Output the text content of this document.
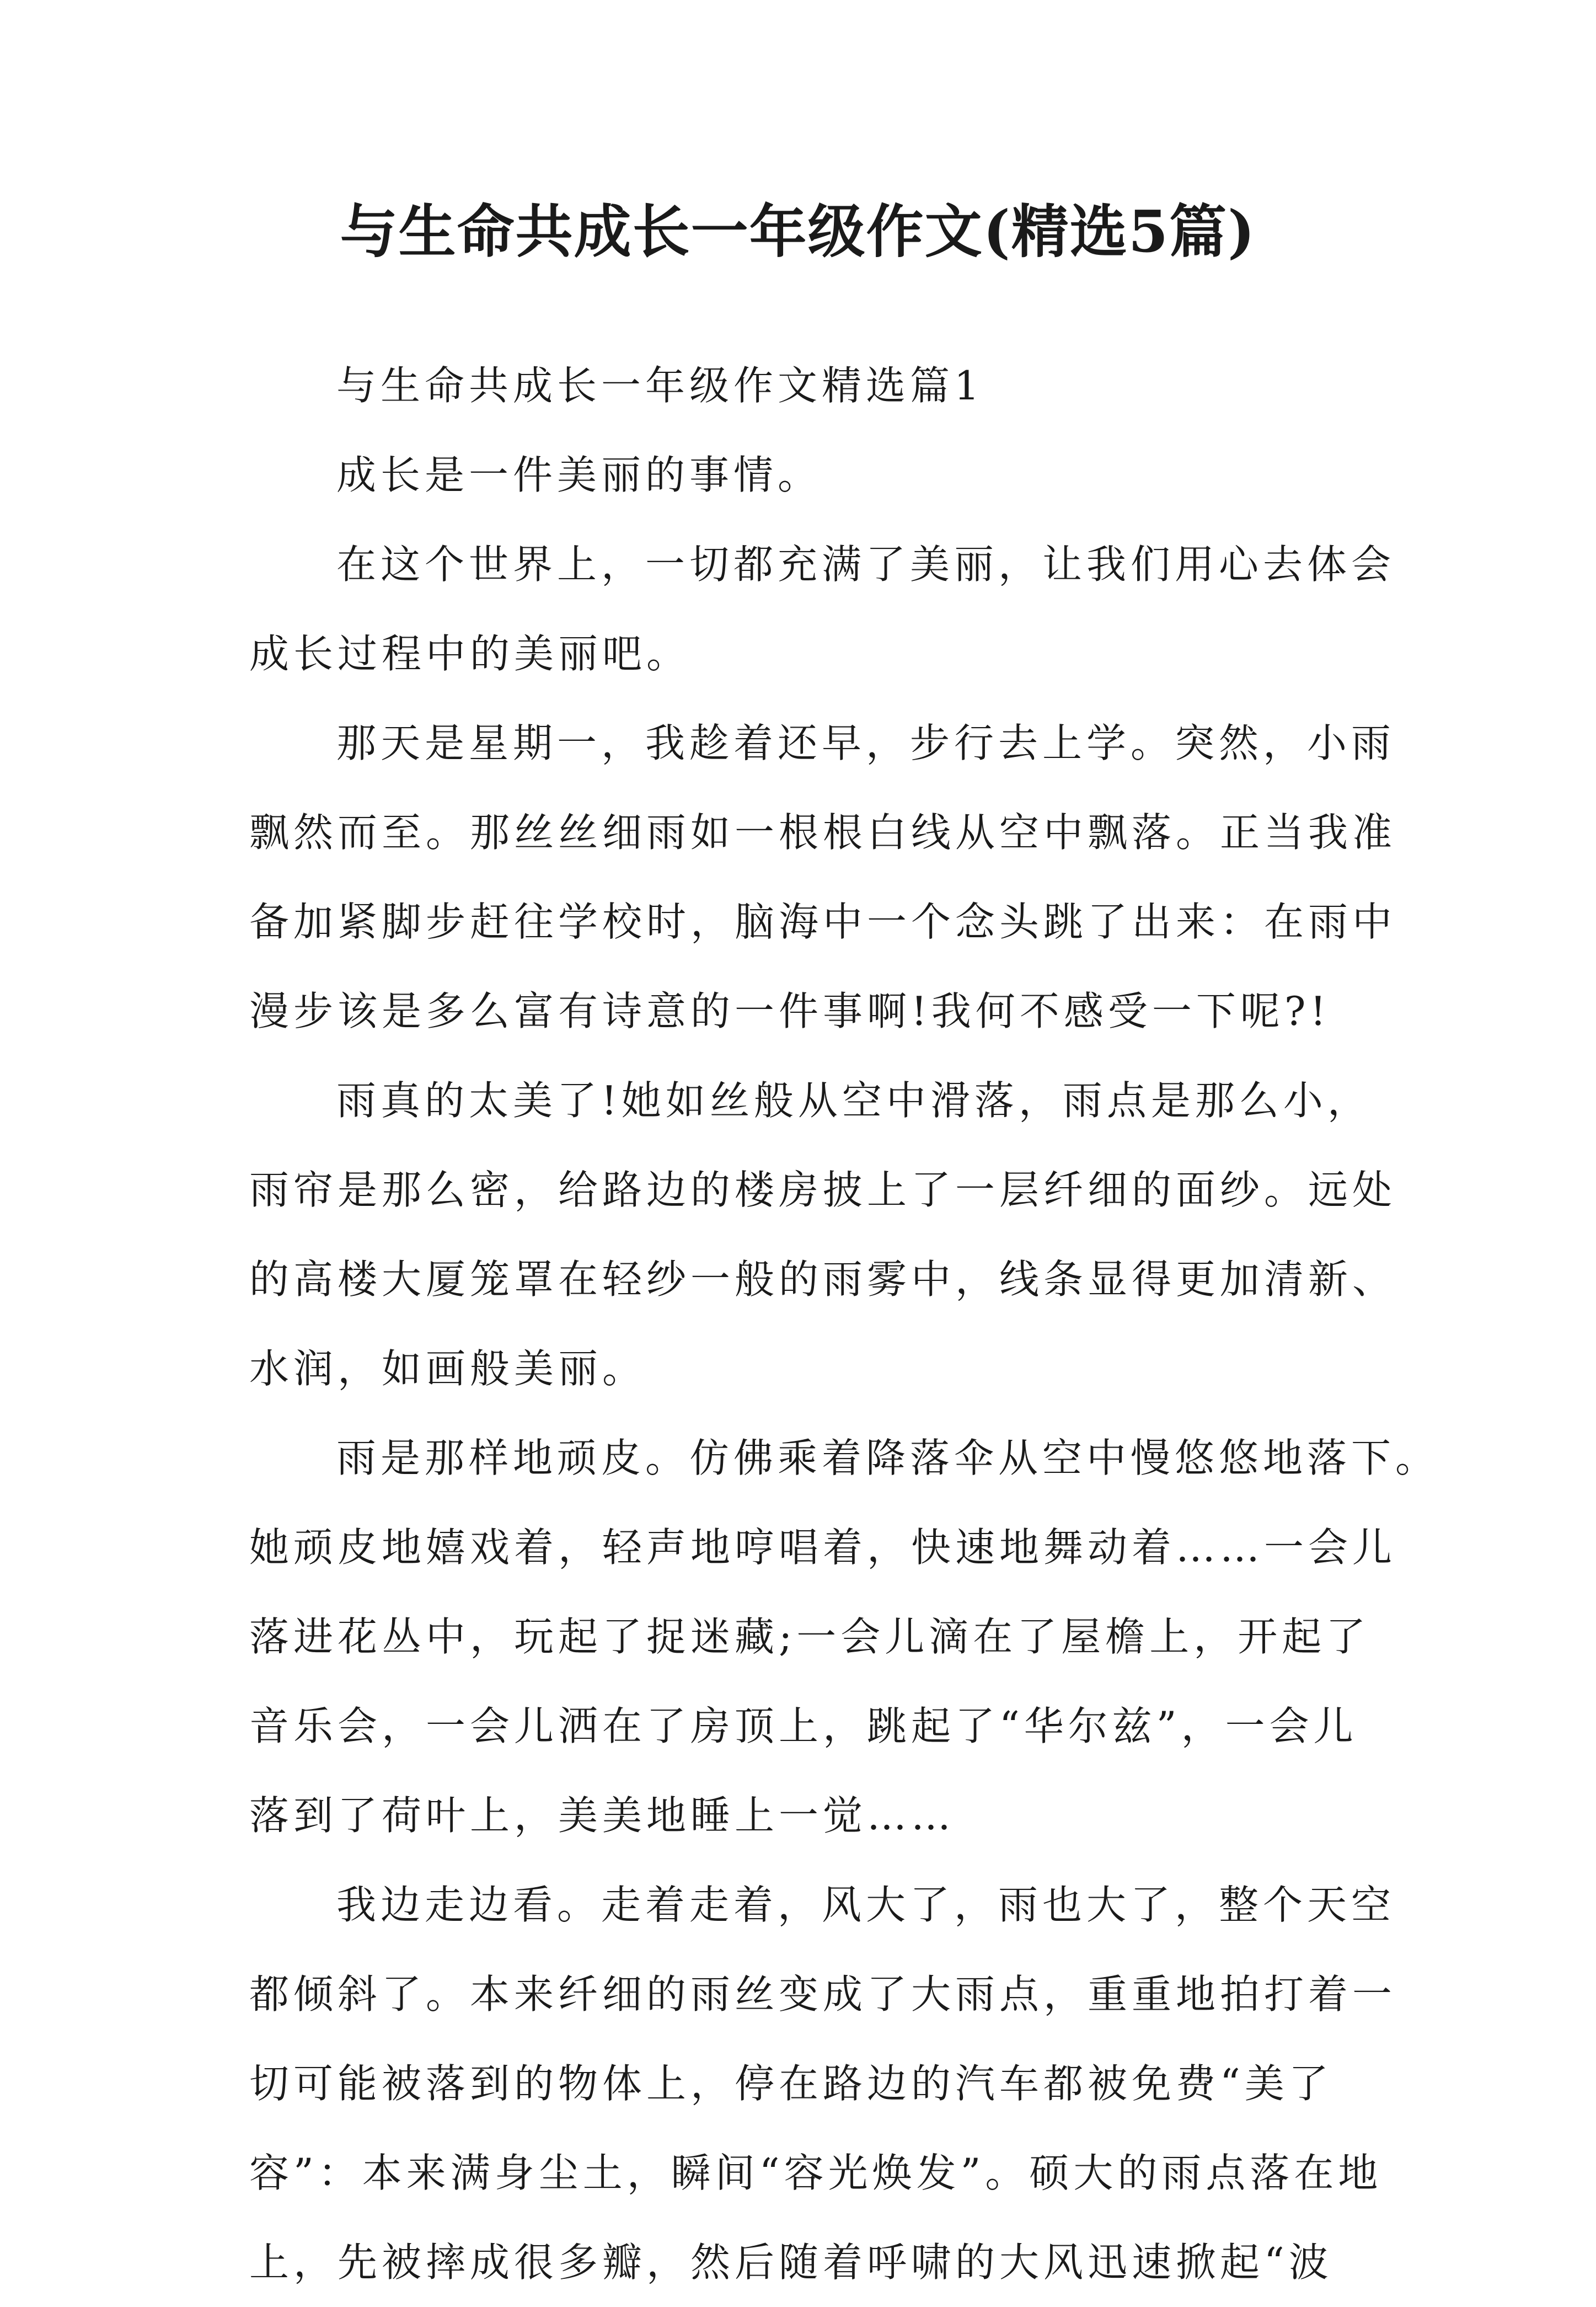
与生命共成长一年级作文(精选5篇)
与生命共成长一年级作文精选篇1
成长是一件美丽的事情。
在这个世界上，一切都充满了美丽，让我们用心去体会
成长过程中的美丽吧。
那天是星期一，我趁着还早，步行去上学。突然，小雨
飘然而至。那丝丝细雨如一根根白线从空中飘落。正当我准
备加紧脚步赶往学校时，脑海中一个念头跳了出来：在雨中
漫步该是多么富有诗意的一件事啊!我何不感受一下呢?!
雨真的太美了!她如丝般从空中滑落，雨点是那么小，
雨帘是那么密，给路边的楼房披上了一层纤细的面纱。远处
的高楼大厦笼罩在轻纱一般的雨雾中，线条显得更加清新、
水润，如画般美丽。
雨是那样地顽皮。仿佛乘着降落伞从空中慢悠悠地落下。
她顽皮地嬉戏着，轻声地哼唱着，快速地舞动着……一会儿
落进花丛中，玩起了捉迷藏;一会儿滴在了屋檐上，开起了
音乐会，一会儿洒在了房顶上，跳起了“华尔兹”，一会儿
落到了荷叶上，美美地睡上一觉……
我边走边看。走着走着，风大了，雨也大了，整个天空
都倾斜了。本来纤细的雨丝变成了大雨点，重重地拍打着一
切可能被落到的物体上，停在路边的汽车都被免费“美了
容”：本来满身尘土，瞬间“容光焕发”。硕大的雨点落在地
上，先被摔成很多瓣，然后随着呼啸的大风迅速掀起“波
